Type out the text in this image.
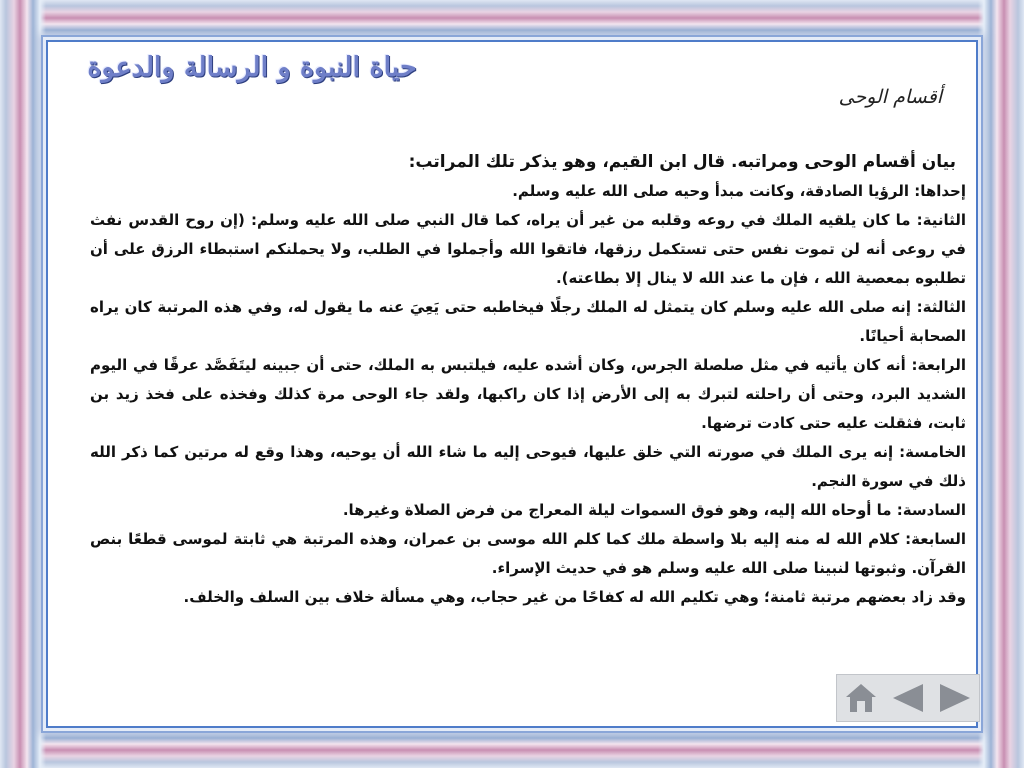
حياة النبوة و الرسالة والدعوة
أقسام الوحى

بيان أقسام الوحى ومراتبه. قال ابن القيم، وهو يذكر تلك المراتب:

إحداها: الرؤيا الصادقة، وكانت مبدأ وحيه صلى الله عليه وسلم.

الثانية: ما كان يلقيه الملك في روعه وقلبه من غير أن يراه، كما قال النبي صلى الله عليه وسلم: (إن روح القدس نفث في روعى أنه لن تموت نفس حتى تستكمل رزقها، فاتقوا الله وأجملوا في الطلب، ولا يحملنكم استبطاء الرزق على أن تطلبوه بمعصية الله ، فإن ما عند الله لا ينال إلا بطاعته).

الثالثة: إنه صلى الله عليه وسلم كان يتمثل له الملك رجلًا فيخاطبه حتى يَعِيَ عنه ما يقول له، وفي هذه المرتبة كان يراه الصحابة أحيانًا.

الرابعة: أنه كان يأتيه في مثل صلصلة الجرس، وكان أشده عليه، فيلتبس به الملك، حتى أن جبينه ليتَفَصَّد عرقًا في اليوم الشديد البرد، وحتى أن راحلته لتبرك به إلى الأرض إذا كان راكبها، ولقد جاء الوحى مرة كذلك وفخذه على فخذ زيد بن ثابت، فثقلت عليه حتى كادت ترضها.

الخامسة: إنه يرى الملك في صورته التي خلق عليها، فيوحى إليه ما شاء الله أن يوحيه، وهذا وقع له مرتين كما ذكر الله ذلك في سورة النجم.

السادسة: ما أوحاه الله إليه، وهو فوق السموات ليلة المعراج من فرض الصلاة وغيرها.

السابعة: كلام الله له منه إليه بلا واسطة ملك كما كلم الله موسى بن عمران، وهذه المرتبة هي ثابتة لموسى قطعًا بنص القرآن. وثبوتها لنبينا صلى الله عليه وسلم هو في حديث الإسراء.

وقد زاد بعضهم مرتبة ثامنة؛ وهي تكليم الله له كفاحًا من غير حجاب، وهي مسألة خلاف بين السلف والخلف.
